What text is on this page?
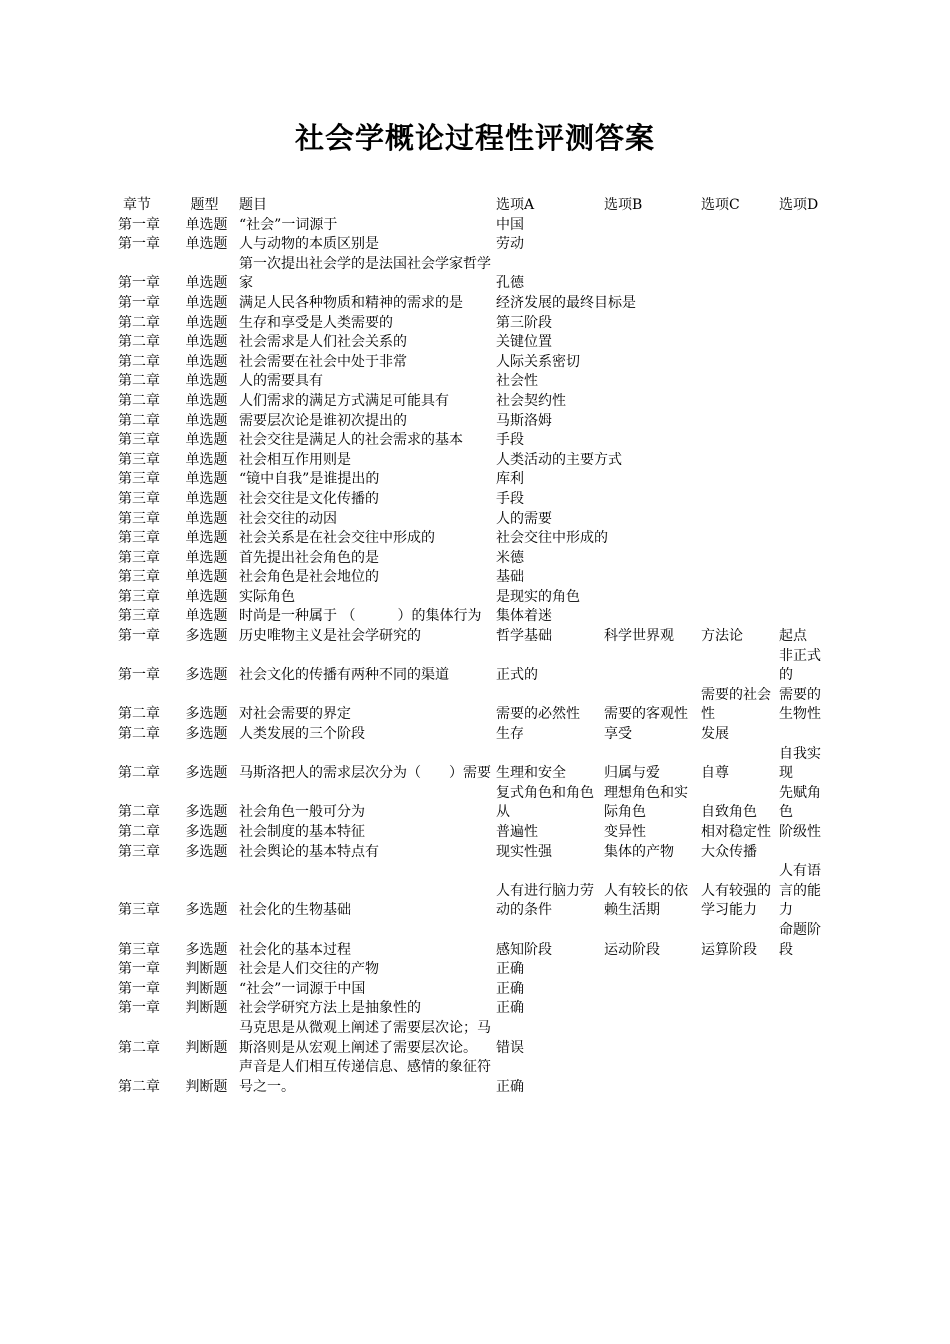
社会学概论过程性评测答案
章节	题型	题目	选项A	选项B	选项C	选项D
第一章	单选题	“社会”一词源于	中国			
第一章	单选题	人与动物的本质区别是	劳动			
第一章	单选题	第一次提出社会学的是法国社会学家哲学家	孔德			
第一章	单选题	满足人民各种物质和精神的需求的是	经济发展的最终目标是			
第二章	单选题	生存和享受是人类需要的	第三阶段			
第二章	单选题	社会需求是人们社会关系的	关键位置			
第二章	单选题	社会需要在社会中处于非常	人际关系密切			
第二章	单选题	人的需要具有	社会性			
第二章	单选题	人们需求的满足方式满足可能具有	社会契约性			
第二章	单选题	需要层次论是谁初次提出的	马斯洛姆			
第三章	单选题	社会交往是满足人的社会需求的基本	手段			
第三章	单选题	社会相互作用则是	人类活动的主要方式			
第三章	单选题	“镜中自我”是谁提出的	库利			
第三章	单选题	社会交往是文化传播的	手段			
第三章	单选题	社会交往的动因	人的需要			
第三章	单选题	社会关系是在社会交往中形成的	社会交往中形成的			
第三章	单选题	首先提出社会角色的是	米德			
第三章	单选题	社会角色是社会地位的	基础			
第三章	单选题	实际角色	是现实的角色			
第三章	单选题	时尚是一种属于 （　　　）的集体行为	集体着迷			
第一章	多选题	历史唯物主义是社会学研究的	哲学基础	科学世界观	方法论	起点
第一章	多选题	社会文化的传播有两种不同的渠道	正式的			非正式的
第二章	多选题	对社会需要的界定	需要的必然性	需要的客观性	需要的社会性	需要的生物性
第二章	多选题	人类发展的三个阶段	生存	享受	发展	
第二章	多选题	马斯洛把人的需求层次分为（　　）需要	生理和安全	归属与爱	自尊	自我实现
第二章	多选题	社会角色一般可分为	复式角色和角色从	理想角色和实际角色	自致角色	先赋角色
第二章	多选题	社会制度的基本特征	普遍性	变异性	相对稳定性	阶级性
第三章	多选题	社会舆论的基本特点有	现实性强	集体的产物	大众传播	
第三章	多选题	社会化的生物基础	人有进行脑力劳动的条件	人有较长的依赖生活期	人有较强的学习能力	人有语言的能力
第三章	多选题	社会化的基本过程	感知阶段	运动阶段	运算阶段	命题阶段
第一章	判断题	社会是人们交往的产物	正确			
第一章	判断题	“社会”一词源于中国	正确			
第一章	判断题	社会学研究方法上是抽象性的	正确			
第二章	判断题	马克思是从微观上阐述了需要层次论；马斯洛则是从宏观上阐述了需要层次论。	错误			
第二章	判断题	声音是人们相互传递信息、感情的象征符号之一。	正确			
